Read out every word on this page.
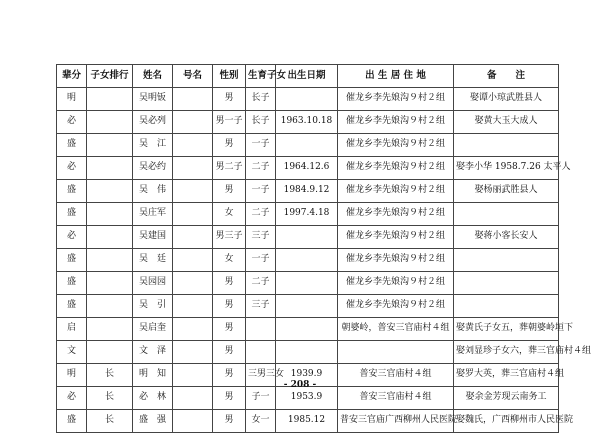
辈分	子女排行	姓名	号名	性别	生育子女	出生日期	出 生 居 住 地	备　　注
明		吴明钣		男	长子		催龙乡李先娘沟９村２组	娶谭小琼武胜县人
必		吴必列		男一子	长子	1963.10.18	催龙乡李先娘沟９村２组	娶黄大玉大成人
盛		吴　江		男	一子		催龙乡李先娘沟９村２组	
必		吴必约		男二子	二子	1964.12.6	催龙乡李先娘沟９村２组	娶李小华 1958.7.26 太平人
盛		吴　伟		男	一子	1984.9.12	催龙乡李先娘沟９村２组	娶杨丽武胜县人
盛		吴庄军		女	二子	1997.4.18	催龙乡李先娘沟９村２组	
必		吴建国		男三子	三子		催龙乡李先娘沟９村２组	娶蒋小客长安人
盛		吴　廷		女	一子		催龙乡李先娘沟９村２组	
盛		吴园园		男	二子		催龙乡李先娘沟９村２组	
盛		吴　引		男	三子		催龙乡李先娘沟９村２组	
启		吴启奎		男			朝婆岭，普安三官庙村４组	娶黄氏子女五，葬朝婆岭垣下
文		文　泽		男				娶刘显珍子女六，葬三官庙村４组
明	长	明　知		男	三男三女	1939.9	普安三官庙村４组	娶罗大英，葬三官庙村４组
必	长	必　林		男	子一	1953.9	普安三官庙村４组	娶余金芳现云南务工
盛	长	盛　强		男	女一	1985.12	普安三官庙广西柳州人民医院	娶魏氏，广西柳州市人民医院
- 208 -
